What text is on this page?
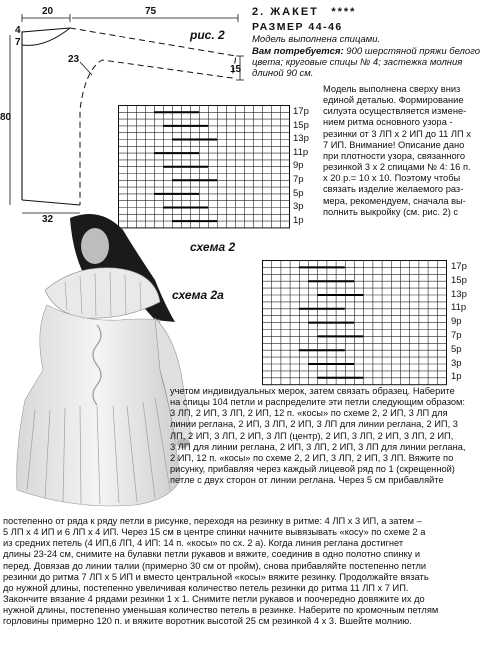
20	75
4
7
23
15
80
32
рис. 2
2. ЖАКЕТ ****
РАЗМЕР 44-46
Модель выполнена спицами.
Вам потребуется: 900 шерстяной пряжи белого цвета; круговые спицы № 4; застежка молния длиной 90 см.
Модель выполнена сверху вниз
единой деталью. Формирование
силуэта осуществляется измене-
нием ритма основного узора -
резинки от 3 ЛП х 2 ИП до 11 ЛП х
7 ИП. Внимание! Описание дано
при плотности узора, связанного
резинкой 3 х 2 спицами № 4: 16 п.
х 20 р.= 10 х 10. Поэтому чтобы
связать изделие желаемого раз-
мера, рекомендуем, сначала вы-
полнить выкройку (см. рис. 2) с
17р
15р
13р
11р
9р
7р
5р
3р
1р
схема 2
17р
15р
13р
11р
9р
7р
5р
3р
1р
схема 2а
учетом индивидуальных мерок, затем связать образец. Наберите
на спицы 104 петли и распределите эти петли следующим образом:
3 ЛП, 2 ИП, 3 ЛП, 2 ИП, 12 п. «косы» по схеме 2, 2 ИП, 3 ЛП для
линии реглана, 2 ИП, 3 ЛП, 2 ИП, 3 ЛП для линии реглана, 2 ИП, 3
ЛП, 2 ИП, 3 ЛП, 2 ИП, 3 ЛП (центр), 2 ИП, 3 ЛП, 2 ИП, 3 ЛП, 2 ИП,
3 ЛП для линии реглана, 2 ИП, 3 ЛП, 2 ИП, 3 ЛП для линии реглана,
2 ИП, 12 п. «косы» по схеме 2, 2 ИП, 3 ЛП, 2 ИП, 3 ЛП. Вяжите по
рисунку, прибавляя через каждый лицевой ряд по 1 (скрещенной)
петле с двух сторон от линии реглана. Через 5 см прибавляйте
постепенно от ряда к ряду петли в рисунке, переходя на резинку в ритме: 4 ЛП х 3 ИП, а затем –
5 ЛП х 4 ИП и 6 ЛП х 4 ИП. Через 15 см в центре спинки начните вывязывать «косу» по схеме 2 а
из средних петель (4 ИП,6 ЛП, 4 ИП: 14 п. «косы» по сх. 2 а). Когда линия реглана достигнет
длины 23-24 см, снимите на булавки петли рукавов и вяжите, соединив в одно полотно спинку и
перед. Довязав до линии талии (примерно 30 см от пройм), снова прибавляйте постепенно петли
резинки до ритма 7 ЛП х 5 ИП и вместо центральной «косы» вяжите резинку. Продолжайте вязать
до нужной длины, постепенно увеличивая количество петель резинки до ритма 11 ЛП х 7 ИП.
Закончите вязание 4 рядами резинки 1 х 1. Снимите петли рукавов и поочередно довяжите их до
нужной длины, постепенно уменьшая количество петель в резинке. Наберите по кромочным петлям
горловины примерно 120 п. и вяжите воротник высотой 25 см резинкой 4 х 3. Вшейте молнию.
